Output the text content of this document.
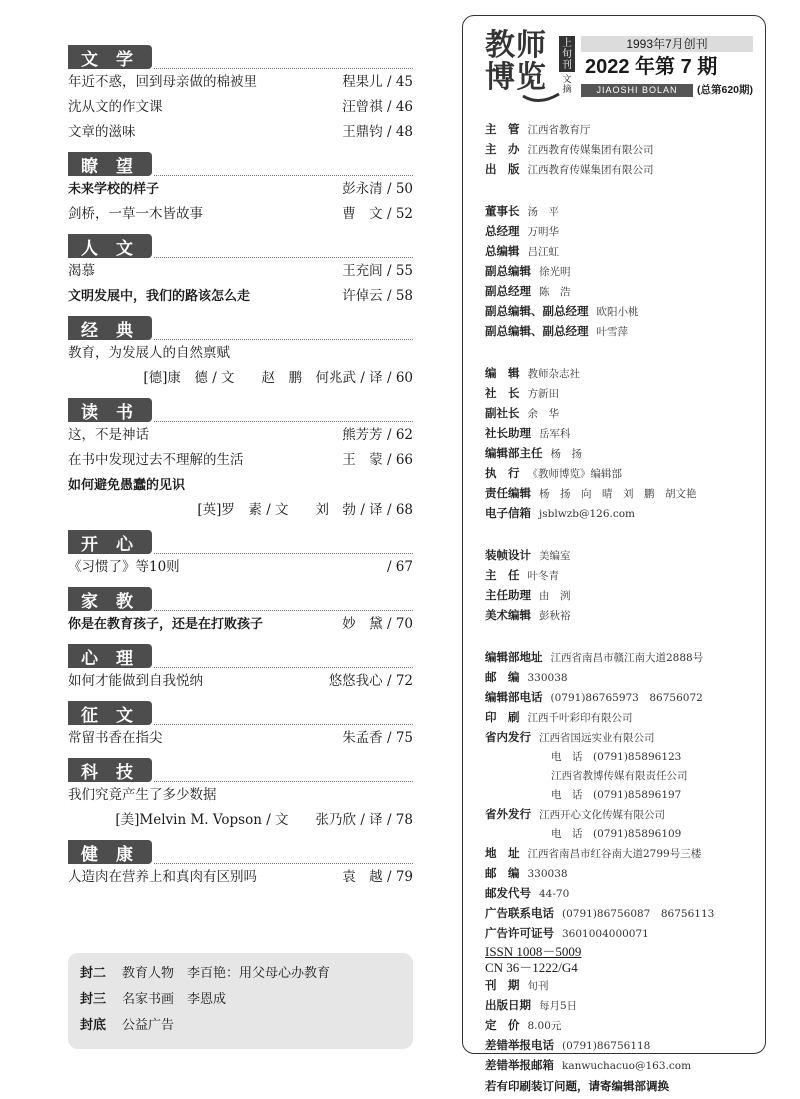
文 学
年近不惑，回到母亲做的棉被里	程果儿 / 45
沈从文的作文课	汪曾祺 / 46
文章的滋味	王鼎钧 / 48
瞭 望
未来学校的样子	彭永清 / 50
剑桥，一草一木皆故事	曹　文 / 52
人 文
渴慕	王充闾 / 55
文明发展中，我们的路该怎么走	许倬云 / 58
经 典
教育，为发展人的自然禀赋
[德]康　德 / 文　　赵　鹏　何兆武 / 译 / 60
读 书
这，不是神话	熊芳芳 / 62
在书中发现过去不理解的生活	王　蒙 / 66
如何避免愚蠢的见识
[英]罗　素 / 文　　刘　勃 / 译 / 68
开 心
《习惯了》等10则	/ 67
家 教
你是在教育孩子，还是在打败孩子	妙　黛 / 70
心 理
如何才能做到自我悦纳	悠悠我心 / 72
征 文
常留书香在指尖	朱孟香 / 75
科 技
我们究竟产生了多少数据
[美]Melvin M. Vopson / 文　　张乃欣 / 译 / 78
健 康
人造肉在营养上和真肉有区别吗	袁　越 / 79
封二	教育人物　李百艳：用父母心办教育
封三	名家书画　李恩成
封底	公益广告
教师
博览
上旬刊
文摘
1993年7月创刊
2022 年第 7 期
JIAOSHI BOLAN	(总第620期)
主　管 江西省教育厅
主　办 江西教育传媒集团有限公司
出　版 江西教育传媒集团有限公司
董事长 汤　平
总经理 万明华
总编辑 吕江虹
副总编辑 徐光明
副总经理 陈　浩
副总编辑、副总经理 欧阳小桃
副总编辑、副总经理 叶雪萍
编　辑 教师杂志社
社　长 方新田
副社长 余　华
社长助理 岳军科
编辑部主任 杨　扬
执　行 《教师博览》编辑部
责任编辑 杨　扬　向　晴　刘　鹏　胡文艳
电子信箱 jsblwzb@126.com
装帧设计 美编室
主　任 叶冬青
主任助理 由　洌
美术编辑 彭秋裕
编辑部地址 江西省南昌市赣江南大道2888号
邮　编 330038
编辑部电话 (0791)86765973　86756072
印　刷 江西千叶彩印有限公司
省内发行 江西省国远实业有限公司
电　话　(0791)85896123
江西省教博传媒有限责任公司
电　话　(0791)85896197
省外发行 江西开心文化传媒有限公司
电　话　(0791)85896109
地　址 江西省南昌市红谷南大道2799号三楼
邮　编 330038
邮发代号 44-70
广告联系电话 (0791)86756087　86756113
广告许可证号 3601004000071
ISSN 1008－5009
CN 36－1222/G4
刊　期 旬刊
出版日期 每月5日
定　价 8.00元
差错举报电话 (0791)86756118
差错举报邮箱 kanwuchacuo@163.com
若有印刷装订问题，请寄编辑部调换
